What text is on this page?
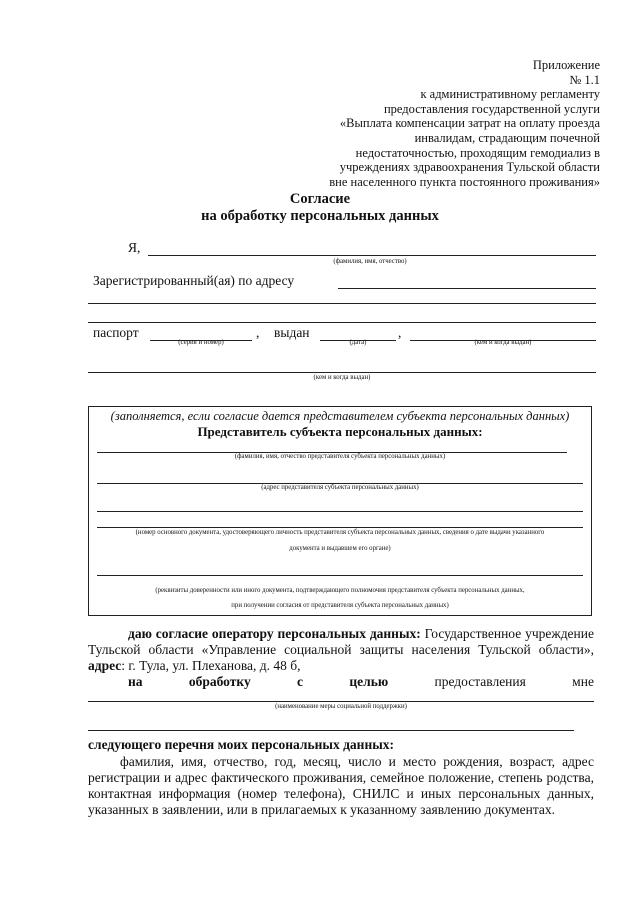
Приложение
№ 1.1
к административному регламенту
предоставления государственной услуги
«Выплата компенсации затрат на оплату проезда
инвалидам, страдающим почечной
недостаточностью, проходящим гемодиализ в
учреждениях здравоохранения Тульской области
вне населенного пункта постоянного проживания»
Согласие
на обработку персональных данных
Я,
(фамилия, имя, отчество)
Зарегистрированный(ая) по адресу
паспорт	, выдан	,
(серия и номер)	(дата)	(кем и когда выдан)
(кем и когда выдан)
(заполняется, если согласие дается представителем субъекта персональных данных)
Представитель субъекта персональных данных:
(фамилия, имя, отчество представителя субъекта персональных данных)
(адрес представителя субъекта персональных данных)
(номер основного документа, удостоверяющего личность представителя субъекта персональных данных, сведения о дате выдачи указанного
документа и выдавшем его органе)
(реквизиты доверенности или иного документа, подтверждающего полномочия представителя субъекта персональных данных,
при получении согласия от представителя субъекта персональных данных)
даю согласие оператору персональных данных: Государственное учреждение Тульской области «Управление социальной защиты населения Тульской области», адрес: г. Тула, ул. Плеханова, д. 48 б,
на	обработку	с	целью	предоставления	мне
(наименование меры социальной поддержки)
следующего перечня моих персональных данных:
фамилия, имя, отчество, год, месяц, число и место рождения, возраст, адрес регистрации и адрес фактического проживания, семейное положение, степень родства, контактная информация (номер телефона), СНИЛС и иных персональных данных, указанных в заявлении, или в прилагаемых к указанному заявлению документах.
